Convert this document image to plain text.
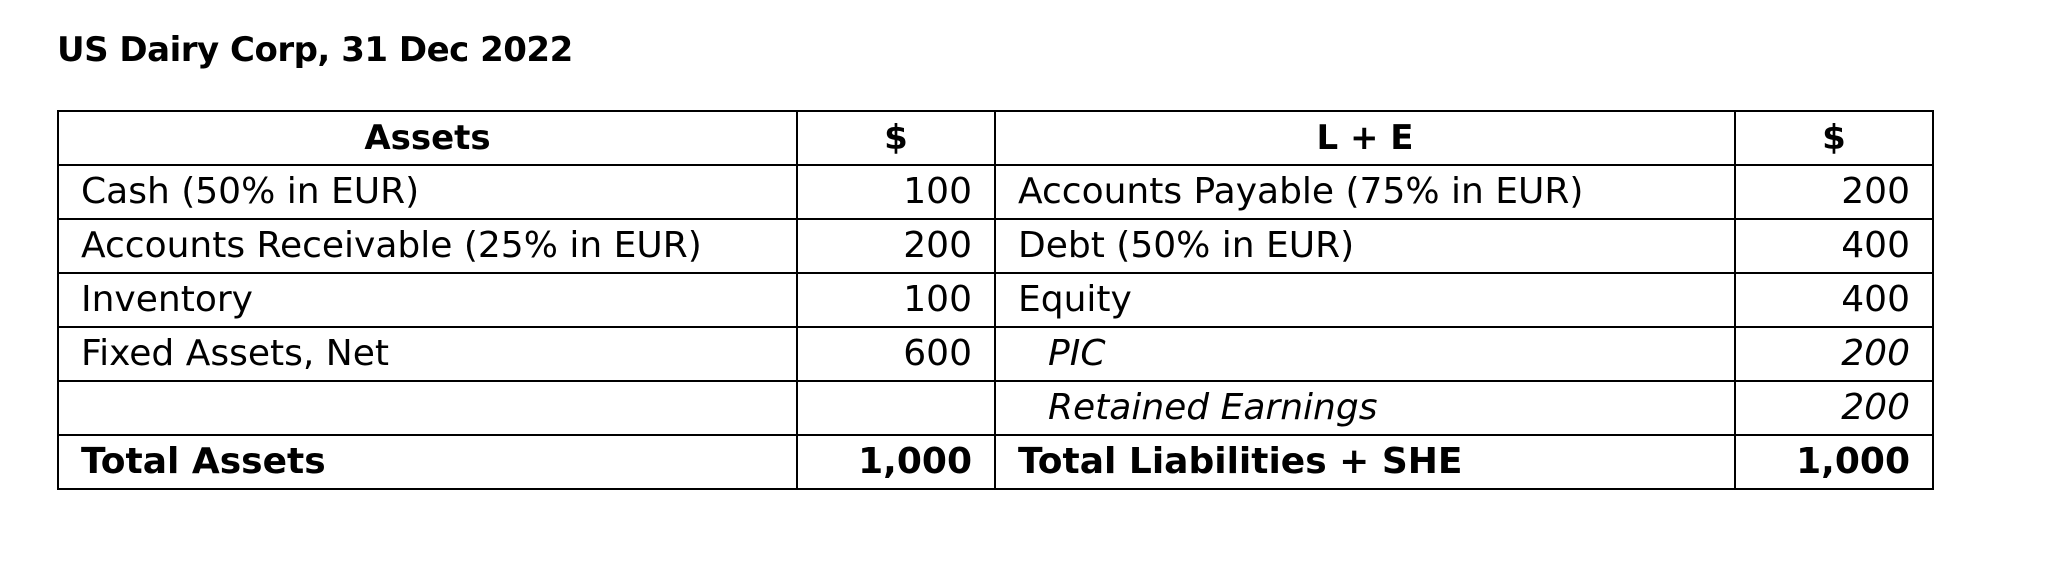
US Dairy Corp, 31 Dec 2022
Assets	$	L + E	$
Cash (50% in EUR)	100	Accounts Payable (75% in EUR)	200
Accounts Receivable (25% in EUR)	200	Debt (50% in EUR)	400
Inventory	100	Equity	400
Fixed Assets, Net	600	PIC	200
		Retained Earnings	200
Total Assets	1,000	Total Liabilities + SHE	1,000
